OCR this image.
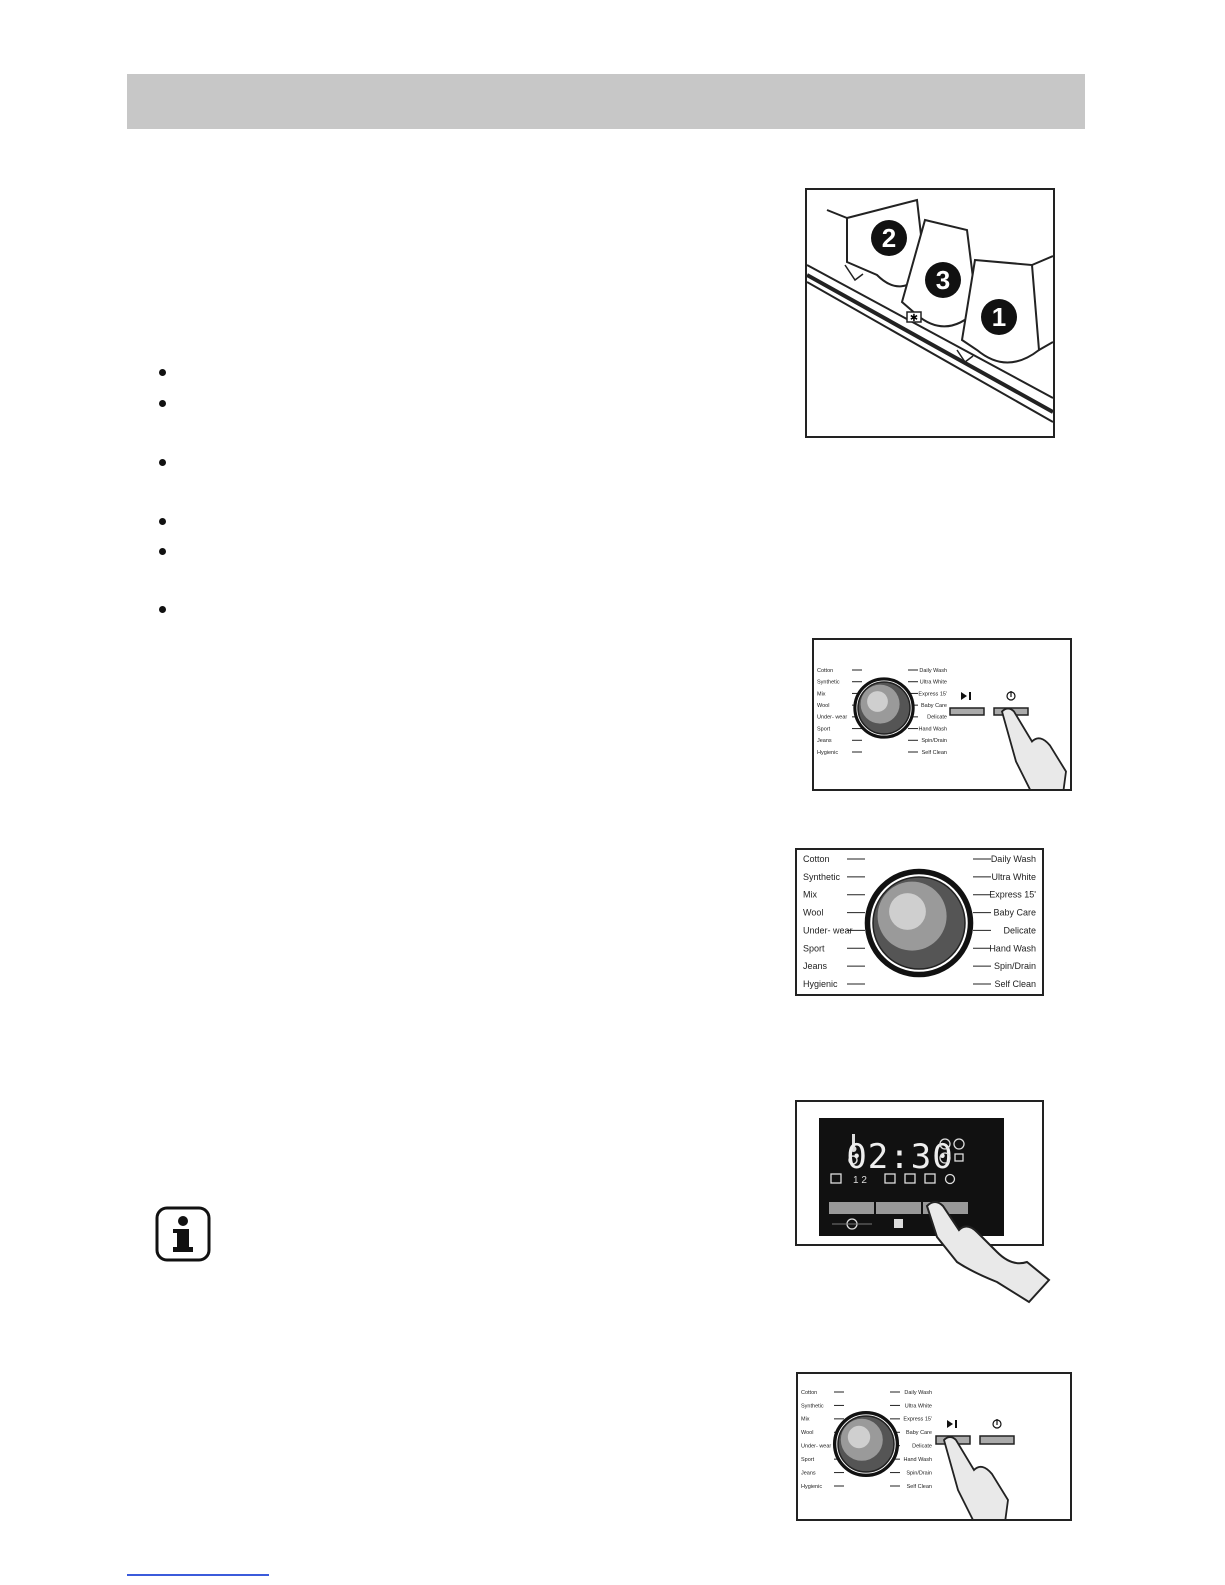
2
3
1
✱
Cotton
Synthetic
Mix
Wool
Under- wear
Sport
Jeans
Hygienic
Daily Wash
Ultra White
Express 15'
Baby Care
Delicate
Hand Wash
Spin/Drain
Self Clean
Cotton
Synthetic
Mix
Wool
Under- wear
Sport
Jeans
Hygienic
Daily Wash
Ultra White
Express 15'
Baby Care
Delicate
Hand Wash
Spin/Drain
Self Clean
02:30
1 2
Cotton
Synthetic
Mix
Wool
Under- wear
Sport
Jeans
Hygienic
Daily Wash
Ultra White
Express 15'
Baby Care
Delicate
Hand Wash
Spin/Drain
Self Clean
